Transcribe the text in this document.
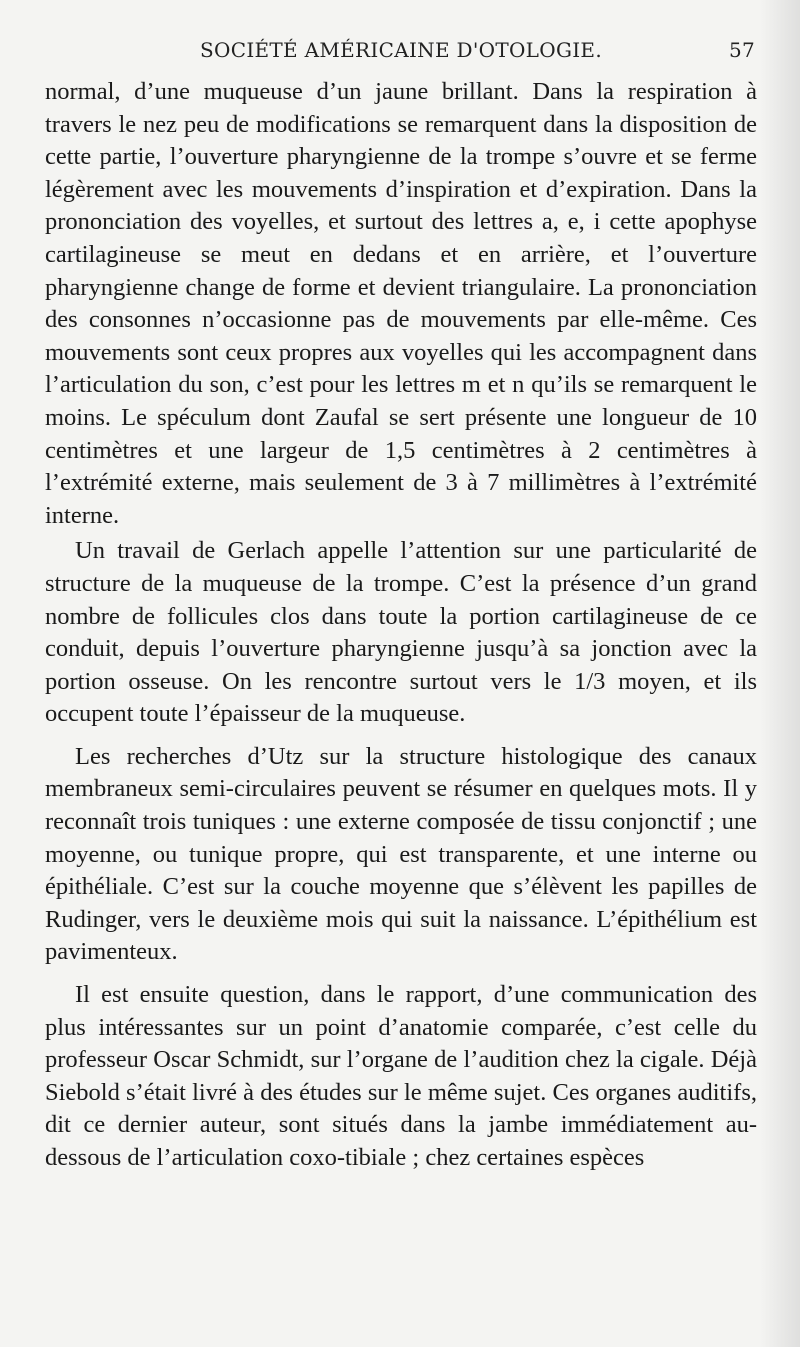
SOCIÉTÉ AMÉRICAINE D'OTOLOGIE.	57

normal, d’une muqueuse d’un jaune brillant. Dans la respiration à travers le nez peu de modifications se remarquent dans la disposition de cette partie, l’ouverture pharyngienne de la trompe s’ouvre et se ferme légèrement avec les mouvements d’inspiration et d’expiration. Dans la prononciation des voyelles, et surtout des lettres a, e, i cette apophyse cartilagineuse se meut en dedans et en arrière, et l’ouverture pharyngienne change de forme et devient triangulaire. La prononciation des consonnes n’occasionne pas de mouvements par elle-même. Ces mouvements sont ceux propres aux voyelles qui les accompagnent dans l’articulation du son, c’est pour les lettres m et n qu’ils se remarquent le moins. Le spéculum dont Zaufal se sert présente une longueur de 10 centimètres et une largeur de 1,5 centimètres à 2 centimètres à l’extrémité externe, mais seulement de 3 à 7 millimètres à l’extrémité interne.

Un travail de Gerlach appelle l’attention sur une particularité de structure de la muqueuse de la trompe. C’est la présence d’un grand nombre de follicules clos dans toute la portion cartilagineuse de ce conduit, depuis l’ouverture pharyngienne jusqu’à sa jonction avec la portion osseuse. On les rencontre surtout vers le 1/3 moyen, et ils occupent toute l’épaisseur de la muqueuse.

Les recherches d’Utz sur la structure histologique des canaux membraneux semi-circulaires peuvent se résumer en quelques mots. Il y reconnaît trois tuniques : une externe composée de tissu conjonctif ; une moyenne, ou tunique propre, qui est transparente, et une interne ou épithéliale. C’est sur la couche moyenne que s’élèvent les papilles de Rudinger, vers le deuxième mois qui suit la naissance. L’épithélium est pavimenteux.

Il est ensuite question, dans le rapport, d’une communication des plus intéressantes sur un point d’anatomie comparée, c’est celle du professeur Oscar Schmidt, sur l’organe de l’audition chez la cigale. Déjà Siebold s’était livré à des études sur le même sujet. Ces organes auditifs, dit ce dernier auteur, sont situés dans la jambe immédiatement au-dessous de l’articulation coxo-tibiale ; chez certaines espèces
